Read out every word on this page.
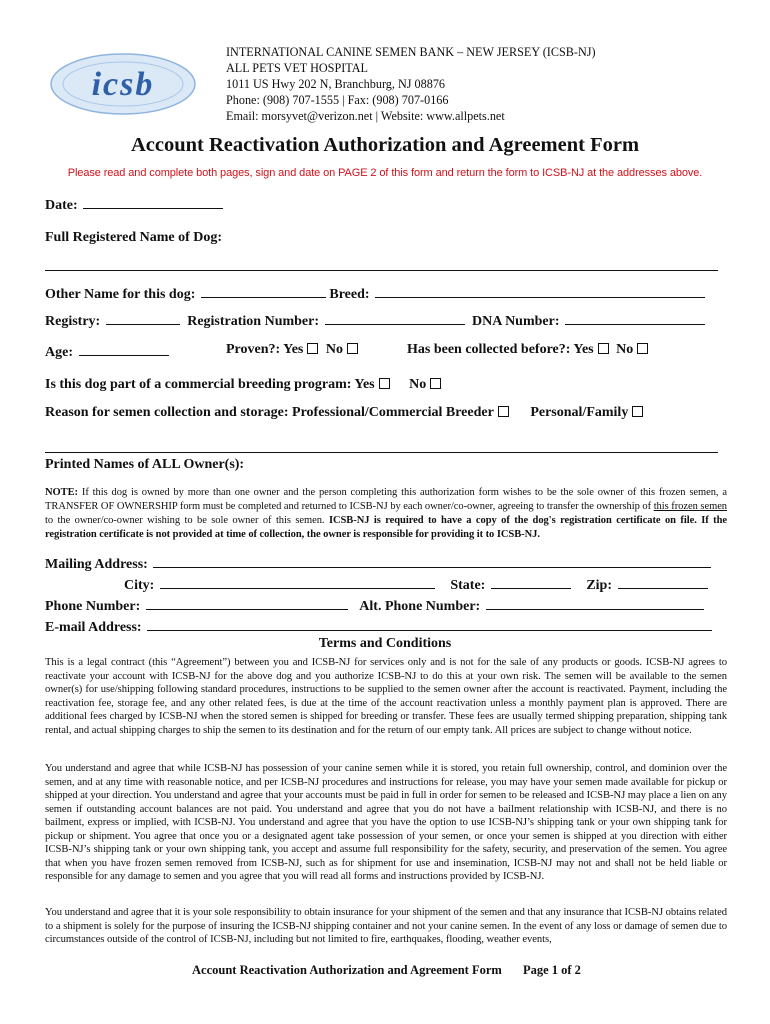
icsb
INTERNATIONAL CANINE SEMEN BANK – NEW JERSEY (ICSB-NJ)
ALL PETS VET HOSPITAL
1011 US Hwy 202 N, Branchburg, NJ 08876
Phone: (908) 707-1555 | Fax: (908) 707-0166
Email: morsyvet@verizon.net | Website: www.allpets.net
Account Reactivation Authorization and Agreement Form
Please read and complete both pages, sign and date on PAGE 2 of this form and return the form to ICSB-NJ at the addresses above.
Date:
Full Registered Name of Dog:
Other Name for this dog:	Breed:
Registry:	Registration Number:	DNA Number:
Age:	Proven?: Yes No	Has been collected before?: Yes No
Is this dog part of a commercial breeding program: Yes No
Reason for semen collection and storage: Professional/Commercial Breeder	Personal/Family
Printed Names of ALL Owner(s):
NOTE: If this dog is owned by more than one owner and the person completing this authorization form wishes to be the sole owner of this frozen semen, a TRANSFER OF OWNERSHIP form must be completed and returned to ICSB-NJ by each owner/co-owner, agreeing to transfer the ownership of this frozen semen to the owner/co-owner wishing to be sole owner of this semen. ICSB-NJ is required to have a copy of the dog's registration certificate on file. If the registration certificate is not provided at time of collection, the owner is responsible for providing it to ICSB-NJ.
Mailing Address:
City:	State:	Zip:
Phone Number:	Alt. Phone Number:
E-mail Address:
Terms and Conditions
This is a legal contract (this “Agreement”) between you and ICSB-NJ for services only and is not for the sale of any products or goods. ICSB-NJ agrees to reactivate your account with ICSB-NJ for the above dog and you authorize ICSB-NJ to do this at your own risk. The semen will be available to the semen owner(s) for use/shipping following standard procedures, instructions to be supplied to the semen owner after the account is reactivated. Payment, including the reactivation fee, storage fee, and any other related fees, is due at the time of the account reactivation unless a monthly payment plan is approved. There are additional fees charged by ICSB-NJ when the stored semen is shipped for breeding or transfer. These fees are usually termed shipping preparation, shipping tank rental, and actual shipping charges to ship the semen to its destination and for the return of our empty tank. All prices are subject to change without notice.
You understand and agree that while ICSB-NJ has possession of your canine semen while it is stored, you retain full ownership, control, and dominion over the semen, and at any time with reasonable notice, and per ICSB-NJ procedures and instructions for release, you may have your semen made available for pickup or shipped at your direction. You understand and agree that your accounts must be paid in full in order for semen to be released and ICSB-NJ may place a lien on any semen if outstanding account balances are not paid. You understand and agree that you do not have a bailment relationship with ICSB-NJ, and there is no bailment, express or implied, with ICSB-NJ. You understand and agree that you have the option to use ICSB-NJ’s shipping tank or your own shipping tank for pickup or shipment. You agree that once you or a designated agent take possession of your semen, or once your semen is shipped at you direction with either ICSB-NJ’s shipping tank or your own shipping tank, you accept and assume full responsibility for the safety, security, and preservation of the semen. You agree that when you have frozen semen removed from ICSB-NJ, such as for shipment for use and insemination, ICSB-NJ may not and shall not be held liable or responsible for any damage to semen and you agree that you will read all forms and instructions provided by ICSB-NJ.
You understand and agree that it is your sole responsibility to obtain insurance for your shipment of the semen and that any insurance that ICSB-NJ obtains related to a shipment is solely for the purpose of insuring the ICSB-NJ shipping container and not your canine semen. In the event of any loss or damage of semen due to circumstances outside of the control of ICSB-NJ, including but not limited to fire, earthquakes, flooding, weather events,
Account Reactivation Authorization and Agreement Form Page 1 of 2
